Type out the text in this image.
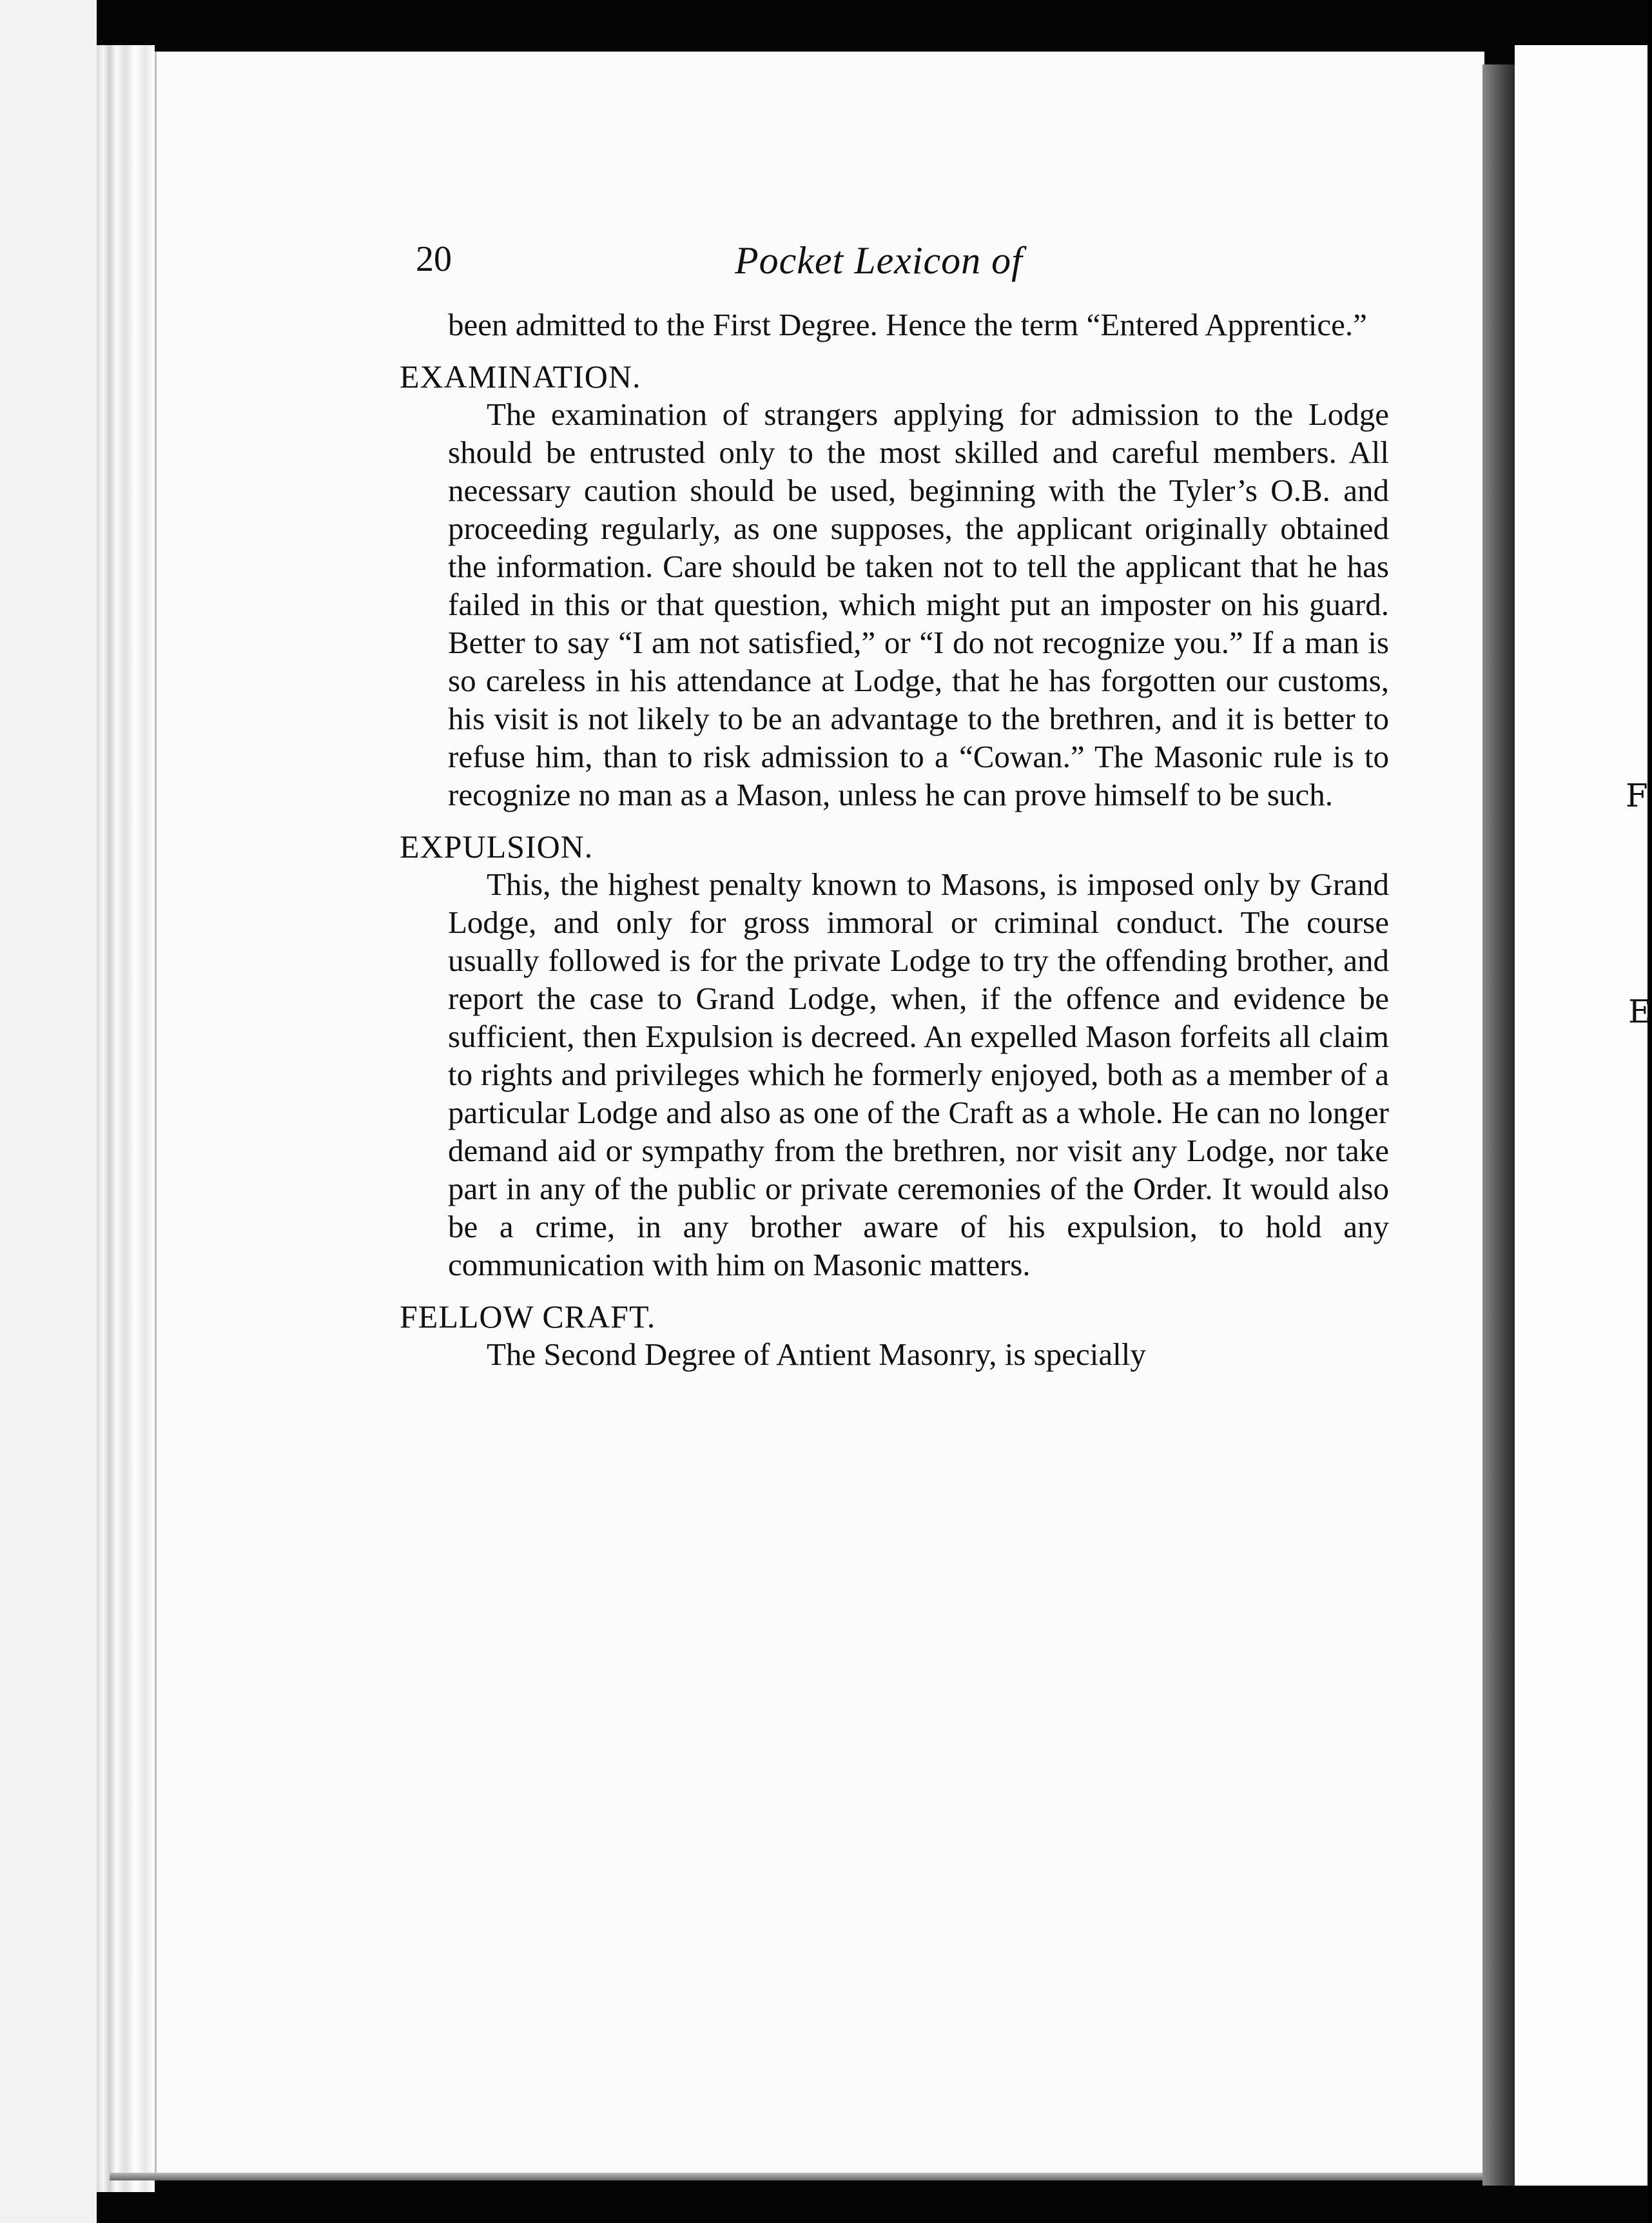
F
E
20	Pocket Lexicon of

been admitted to the First Degree. Hence the term “Entered Apprentice.”

EXAMINATION.

The examination of strangers applying for admission to the Lodge should be entrusted only to the most skilled and careful members. All necessary caution should be used, beginning with the Tyler’s O.B. and proceeding regularly, as one supposes, the applicant originally obtained the information. Care should be taken not to tell the applicant that he has failed in this or that question, which might put an imposter on his guard. Better to say “I am not satisfied,” or “I do not recognize you.” If a man is so careless in his attendance at Lodge, that he has forgotten our customs, his visit is not likely to be an advantage to the brethren, and it is better to refuse him, than to risk admission to a “Cowan.” The Masonic rule is to recognize no man as a Mason, unless he can prove himself to be such.

EXPULSION.

This, the highest penalty known to Masons, is imposed only by Grand Lodge, and only for gross immoral or criminal conduct. The course usually followed is for the private Lodge to try the offending brother, and report the case to Grand Lodge, when, if the offence and evidence be sufficient, then Expulsion is decreed. An expelled Mason forfeits all claim to rights and privileges which he formerly enjoyed, both as a member of a particular Lodge and also as one of the Craft as a whole. He can no longer demand aid or sympathy from the brethren, nor visit any Lodge, nor take part in any of the public or private ceremonies of the Order. It would also be a crime, in any brother aware of his expulsion, to hold any communication with him on Masonic matters.

FELLOW CRAFT.

The Second Degree of Antient Masonry, is specially
